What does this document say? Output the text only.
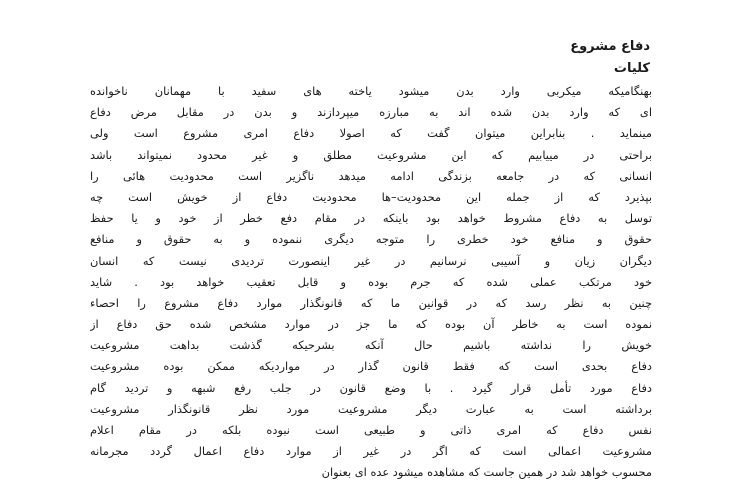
دفاع مشروع
کلیات
بهنگامیکه میکربی وارد بدن میشود یاخته های سفید با مهمانان ناخوانده
ای که وارد بدن شده اند به مبارزه میپردازند و بدن در مقابل مرض دفاع
مینماید . بنابراین میتوان گفت که اصولا دفاع امری مشروع است ولی
براحتی در مییابیم که این مشروعیت مطلق و غیر محدود نمیتواند باشد
انسانی که در جامعه بزندگی ادامه میدهد ناگزیر است محدودیت هائی را
بپذیرد که از جمله این محدودیت–ها محدودیت دفاع از خویش است چه
توسل به دفاع مشروط خواهد بود باینکه در مقام دفع خطر از خود و یا حفظ
حقوق و منافع خود خطری را متوجه دیگری ننموده و به حقوق و منافع
دیگران زیان و آسیبی نرسانیم در غیر اینصورت تردیدی نیست که انسان
خود مرتکب عملی شده که جرم بوده و قابل تعقیب خواهد بود . شاید
چنین به نظر رسد که در قوانین ما که قانونگذار موارد دفاع مشروع را احصاء
نموده است به خاطر آن بوده که ما جز در موارد مشخص شده حق دفاع از
خویش را نداشته باشیم حال آنکه بشرحیکه گذشت بداهت مشروعیت
دفاع بحدی است که فقط قانون گذار در مواردیکه ممکن بوده مشروعیت
دفاع مورد تأمل قرار گیرد . با وضع قانون در جلب رفع شبهه و تردید گام
برداشته است به عبارت دیگر مشروعیت مورد نظر قانونگذار مشروعیت
نفس دفاع که امری ذاتی و طبیعی است نبوده بلکه در مقام اعلام
مشروعیت اعمالی است که اگر در غیر از موارد دفاع اعمال گردد مجرمانه
محسوب خواهد شد در همین جاست که مشاهده میشود عده ای بعنوان
